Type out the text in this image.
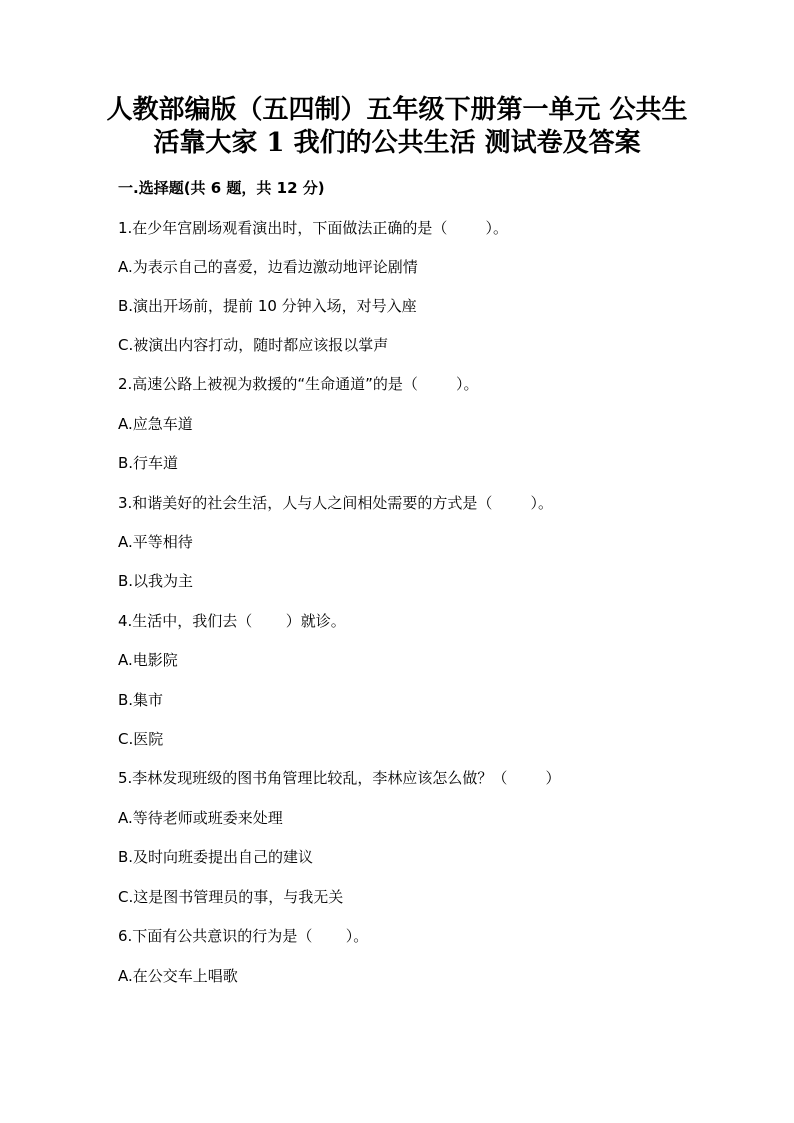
人教部编版（五四制）五年级下册第一单元 公共生
活靠大家 1 我们的公共生活 测试卷及答案

一.选择题(共 6 题，共 12 分)

1.在少年宫剧场观看演出时，下面做法正确的是（        ）。

A.为表示自己的喜爱，边看边激动地评论剧情

B.演出开场前，提前 10 分钟入场，对号入座

C.被演出内容打动，随时都应该报以掌声

2.高速公路上被视为救援的“生命通道”的是（        ）。

A.应急车道

B.行车道

3.和谐美好的社会生活，人与人之间相处需要的方式是（        ）。

A.平等相待

B.以我为主

4.生活中，我们去（       ）就诊。

A.电影院

B.集市

C.医院

5.李林发现班级的图书角管理比较乱，李林应该怎么做？（        ）

A.等待老师或班委来处理

B.及时向班委提出自己的建议

C.这是图书管理员的事，与我无关

6.下面有公共意识的行为是（       ）。

A.在公交车上唱歌
